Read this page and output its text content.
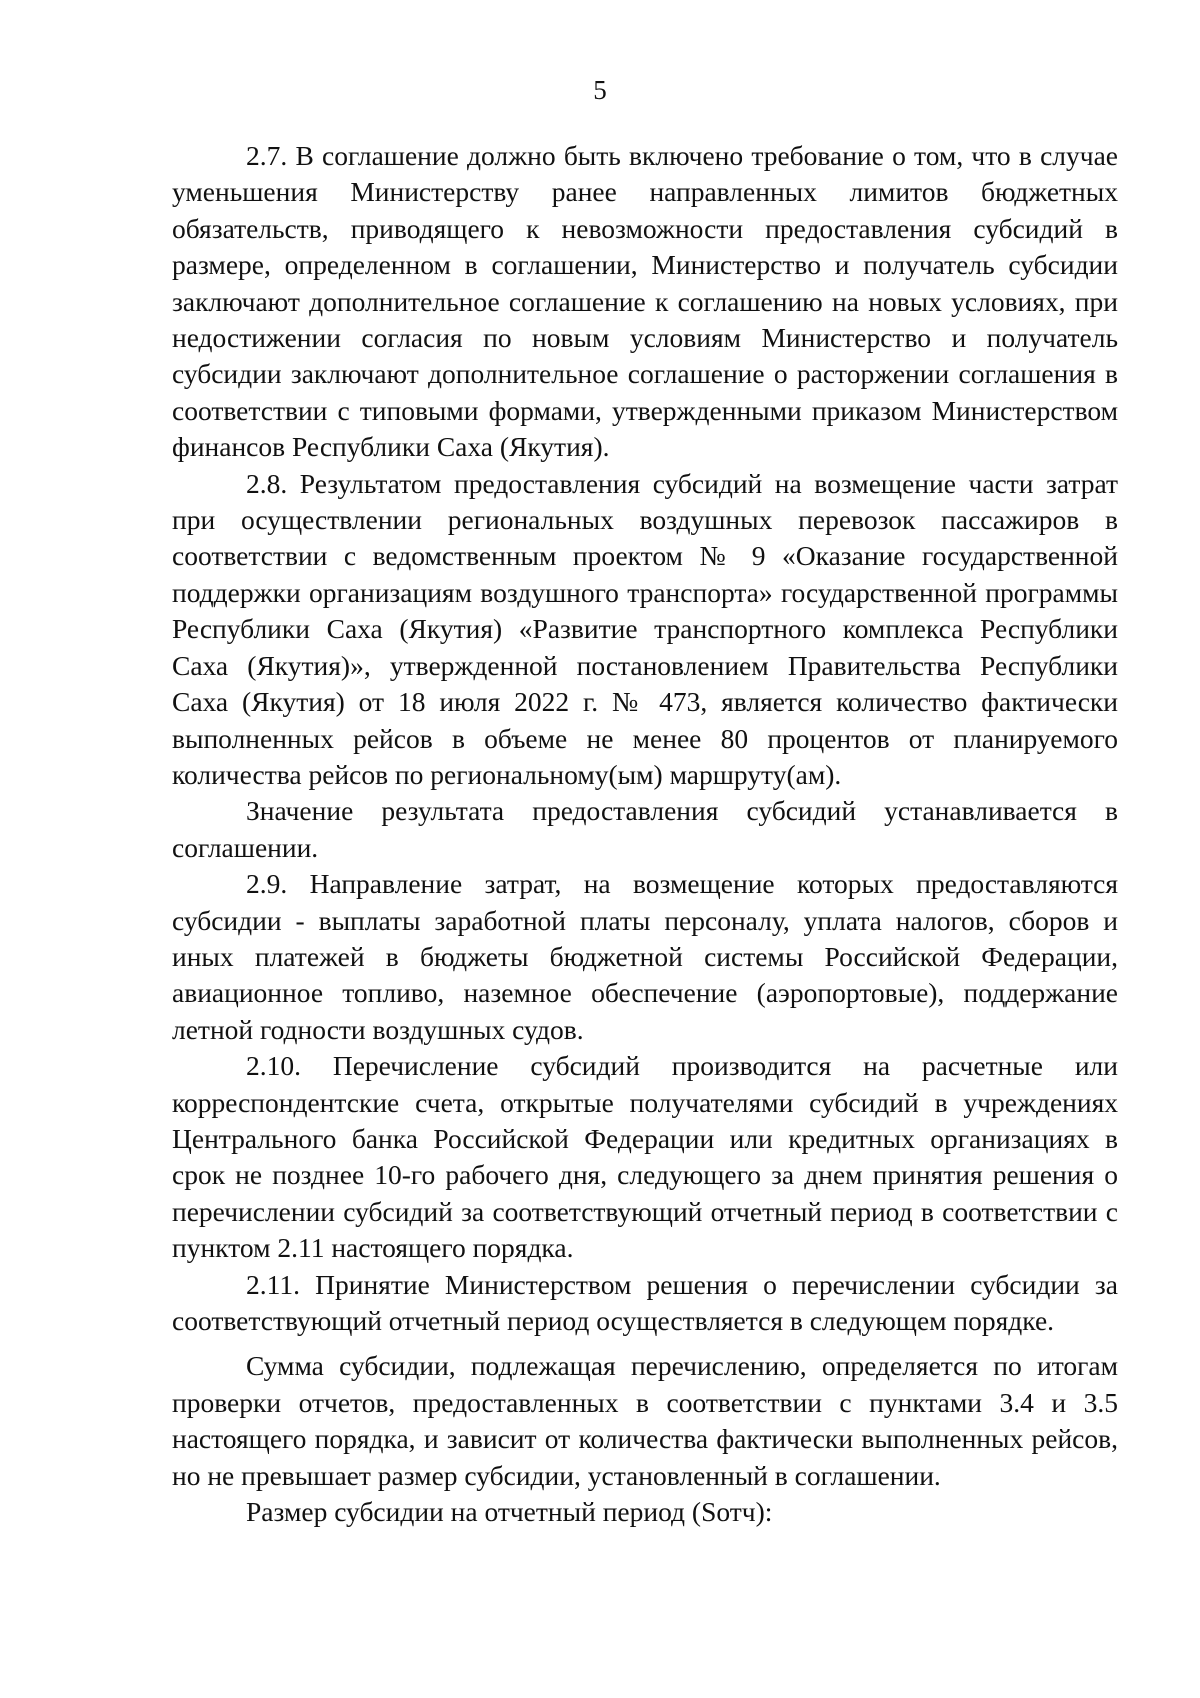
5

2.7. В соглашение должно быть включено требование о том, что в случае уменьшения Министерству ранее направленных лимитов бюджетных обязательств, приводящего к невозможности предоставления субсидий в размере, определенном в соглашении, Министерство и получатель субсидии заключают дополнительное соглашение к соглашению на новых условиях, при недостижении согласия по новым условиям Министерство и получатель субсидии заключают дополнительное соглашение о расторжении соглашения в соответствии с типовыми формами, утвержденными приказом Министерством финансов Республики Саха (Якутия).

2.8. Результатом предоставления субсидий на возмещение части затрат при осуществлении региональных воздушных перевозок пассажиров в соответствии с ведомственным проектом № 9 «Оказание государственной поддержки организациям воздушного транспорта» государственной программы Республики Саха (Якутия) «Развитие транспортного комплекса Республики Саха (Якутия)», утвержденной постановлением Правительства Республики Саха (Якутия) от 18 июля 2022 г. № 473, является количество фактически выполненных рейсов в объеме не менее 80 процентов от планируемого количества рейсов по региональному(ым) маршруту(ам).

Значение результата предоставления субсидий устанавливается в соглашении.

2.9. Направление затрат, на возмещение которых предоставляются субсидии - выплаты заработной платы персоналу, уплата налогов, сборов и иных платежей в бюджеты бюджетной системы Российской Федерации, авиационное топливо, наземное обеспечение (аэропортовые), поддержание летной годности воздушных судов.

2.10. Перечисление субсидий производится на расчетные или корреспондентские счета, открытые получателями субсидий в учреждениях Центрального банка Российской Федерации или кредитных организациях в срок не позднее 10-го рабочего дня, следующего за днем принятия решения о перечислении субсидий за соответствующий отчетный период в соответствии с пунктом 2.11 настоящего порядка.

2.11. Принятие Министерством решения о перечислении субсидии за соответствующий отчетный период осуществляется в следующем порядке.

Сумма субсидии, подлежащая перечислению, определяется по итогам проверки отчетов, предоставленных в соответствии с пунктами 3.4 и 3.5 настоящего порядка, и зависит от количества фактически выполненных рейсов, но не превышает размер субсидии, установленный в соглашении.

Размер субсидии на отчетный период (Sотч):
